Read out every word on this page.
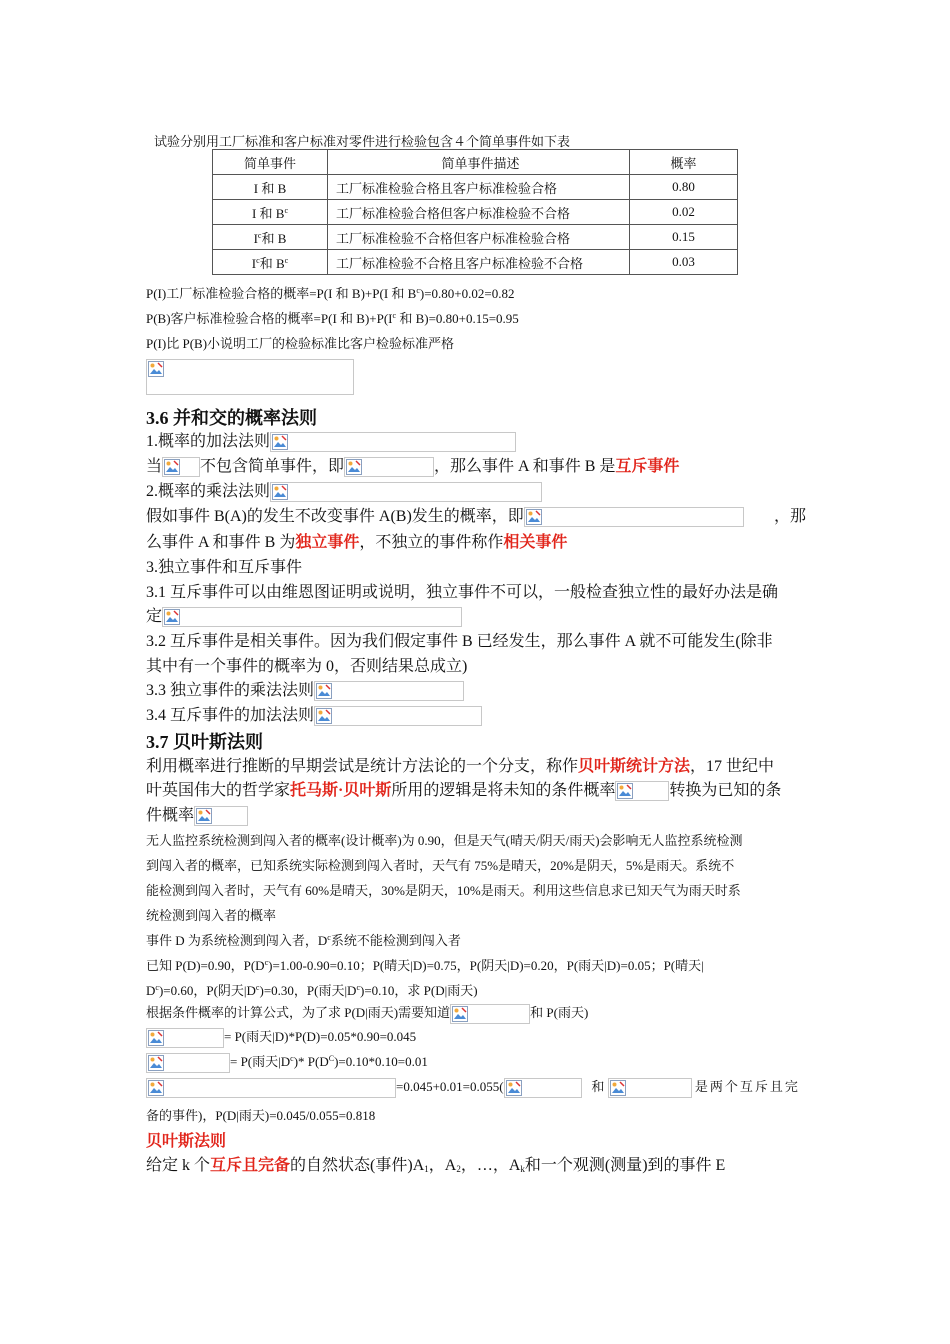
试验分别用工厂标准和客户标准对零件进行检验包含４个简单事件如下表
简单事件	简单事件描述	概率
I 和 B	工厂标准检验合格且客户标准检验合格	0.80
I 和 $B^c$	工厂标准检验合格但客户标准检验不合格	0.02
$I^c$和 B	工厂标准检验不合格但客户标准检验合格	0.15
$I^c$和 $B^c$	工厂标准检验不合格且客户标准检验不合格	0.03
P(I)工厂标准检验合格的概率=P(I 和 B)+P(I 和 $B^c)=0.80+0.02=0.82$
P(B)客户标准检验合格的概率=P(I 和 $B)+P(I^c$ 和 B)=0.80+0.15=0.95
P(I)比 P(B)小说明工厂的检验标准比客户检验标准严格
3.6 并和交的概率法则
1.概率的加法法则
当 不包含简单事件，即	，那么事件 A 和事件 B 是互斥事件
2.概率的乘法法则
假如事件 B(A)的发生不改变事件 A(B)发生的概率，即	，那
么事件 A 和事件 B 为独立事件，不独立的事件称作相关事件
3.独立事件和互斥事件
3.1 互斥事件可以由维恩图证明或说明，独立事件不可以，一般检查独立性的最好办法是确
定
3.2 互斥事件是相关事件。因为我们假定事件 B 已经发生，那么事件 A 就不可能发生(除非
其中有一个事件的概率为 0，否则结果总成立)
3.3 独立事件的乘法法则
3.4 互斥事件的加法法则
3.7 贝叶斯法则
利用概率进行推断的早期尝试是统计方法论的一个分支，称作贝叶斯统计方法，17 世纪中
叶英国伟大的哲学家托马斯·贝叶斯所用的逻辑是将未知的条件概率	转换为已知的条
件概率
无人监控系统检测到闯入者的概率(设计概率)为 0.90，但是天气(晴天/阴天/雨天)会影响无人监控系统检测
到闯入者的概率，已知系统实际检测到闯入者时，天气有 75%是晴天，20%是阴天，5%是雨天。系统不
能检测到闯入者时，天气有 60%是晴天，30%是阴天，10%是雨天。利用这些信息求已知天气为雨天时系
统检测到闯入者的概率
事件 D 为系统检测到闯入者，$D^c$系统不能检测到闯入者
已知 P(D)=0.90，$P(D^c)=1.00-0.90=0.10$；P(晴天|D)=0.75，P(阴天|D)=0.20，P(雨天|D)=0.05；P(晴天|
$D^c)=0.60$，P(阴天$|D^c)=0.30$，P(雨天$|D^c)=0.10$，求 P(D|雨天)
根据条件概率的计算公式，为了求 P(D|雨天)需要知道	和 P(雨天)
= P(雨天|D)*P(D)=0.05*0.90=0.045
= P(雨天$|D^c)*$ $P(D^C)=0.10*0.10=0.01$
=0.045+0.01=0.055(	和	是两个互斥且完
备的事件)，P(D|雨天)=0.045/0.055=0.818
贝叶斯法则
给定 k 个互斥且完备的自然状态(事件)$A_1$，$A_2$，…，$A_k$和一个观测(测量)到的事件 E
